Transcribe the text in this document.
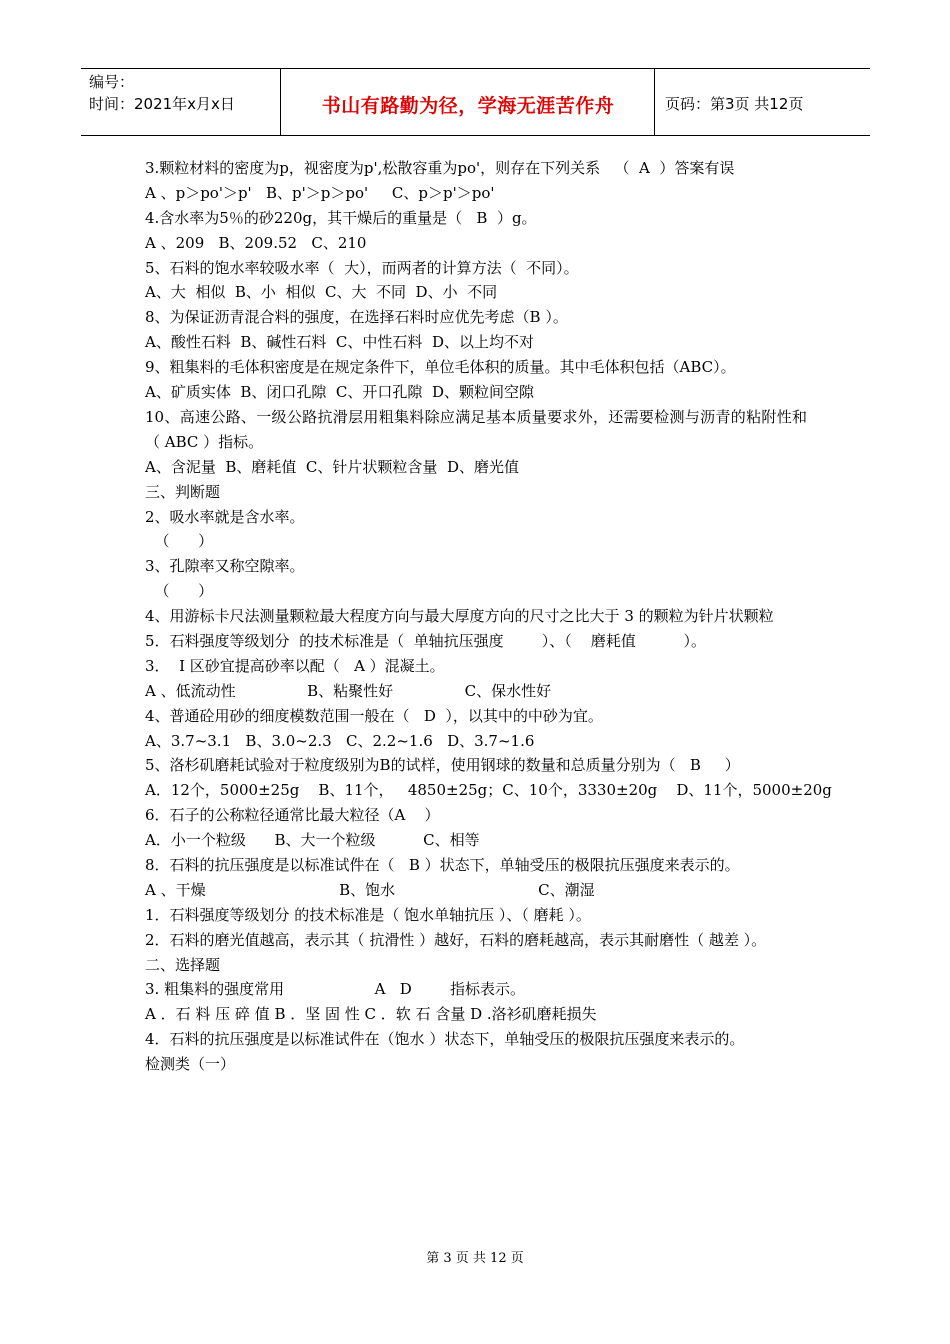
编号：
时间：2021年x月x日	书山有路勤为径，学海无涯苦作舟	页码：第3页 共12页
3.颗粒材料的密度为p，视密度为p',松散容重为po'，则存在下列关系   （  A  ）答案有误
A 、p＞po'＞p'   B、p'＞p＞po'     C、p＞p'＞po'
4.含水率为5％的砂220g，其干燥后的重量是（   B  ）g。
A 、209   B、209.52   C、210
5、石料的饱水率较吸水率（  大），而两者的计算方法（  不同）。
A、大  相似  B、小  相似  C、大  不同  D、小  不同
8、为保证沥青混合料的强度，在选择石料时应优先考虑（B ）。
A、酸性石料  B、碱性石料  C、中性石料  D、以上均不对
9、粗集料的毛体积密度是在规定条件下，单位毛体积的质量。其中毛体积包括（ABC）。
A、矿质实体  B、闭口孔隙  C、开口孔隙  D、颗粒间空隙
10、高速公路、一级公路抗滑层用粗集料除应满足基本质量要求外，还需要检测与沥青的粘附性和（ ABC ）指标。
A、含泥量  B、磨耗值  C、针片状颗粒含量  D、磨光值
三、判断题
2、吸水率就是含水率。
（      ）
3、孔隙率又称空隙率。
（      ）
4、用游标卡尺法测量颗粒最大程度方向与最大厚度方向的尺寸之比大于 3 的颗粒为针片状颗粒
5．石料强度等级划分  的技术标准是（  单轴抗压强度        ）、（    磨耗值          ）。
3．  I 区砂宜提高砂率以配（   A ）混凝土。
A 、低流动性               B、粘聚性好               C、保水性好
4、普通砼用砂的细度模数范围一般在（   D  ），以其中的中砂为宜。
A、3.7~3.1   B、3.0~2.3   C、2.2~1.6   D、3.7~1.6
5、洛杉矶磨耗试验对于粒度级别为B的试样，使用钢球的数量和总质量分别为（   B     ）
A．12个，5000±25g    B、11个，   4850±25g；C、10个，3330±20g    D、11个，5000±20g
6．石子的公称粒径通常比最大粒径（A    ）
A．小一个粒级      B、大一个粒级          C、相等
8．石料的抗压强度是以标准试件在（   B ）状态下，单轴受压的极限抗压强度来表示的。
A 、干燥                            B、饱水                              C、潮湿
1．石料强度等级划分 的技术标准是（ 饱水单轴抗压 ）、（ 磨耗 ）。
2．石料的磨光值越高，表示其（ 抗滑性 ）越好，石料的磨耗越高，表示其耐磨性（ 越差 ）。
二、选择题
3. 粗集料的强度常用                   A   D        指标表示。
A ．石 料 压 碎 值 B ．坚 固 性 C ．软 石 含量 D .洛衫矶磨耗损失
4．石料的抗压强度是以标准试件在（饱水 ）状态下，单轴受压的极限抗压强度来表示的。
检测类（一）
第 3 页 共 12 页
